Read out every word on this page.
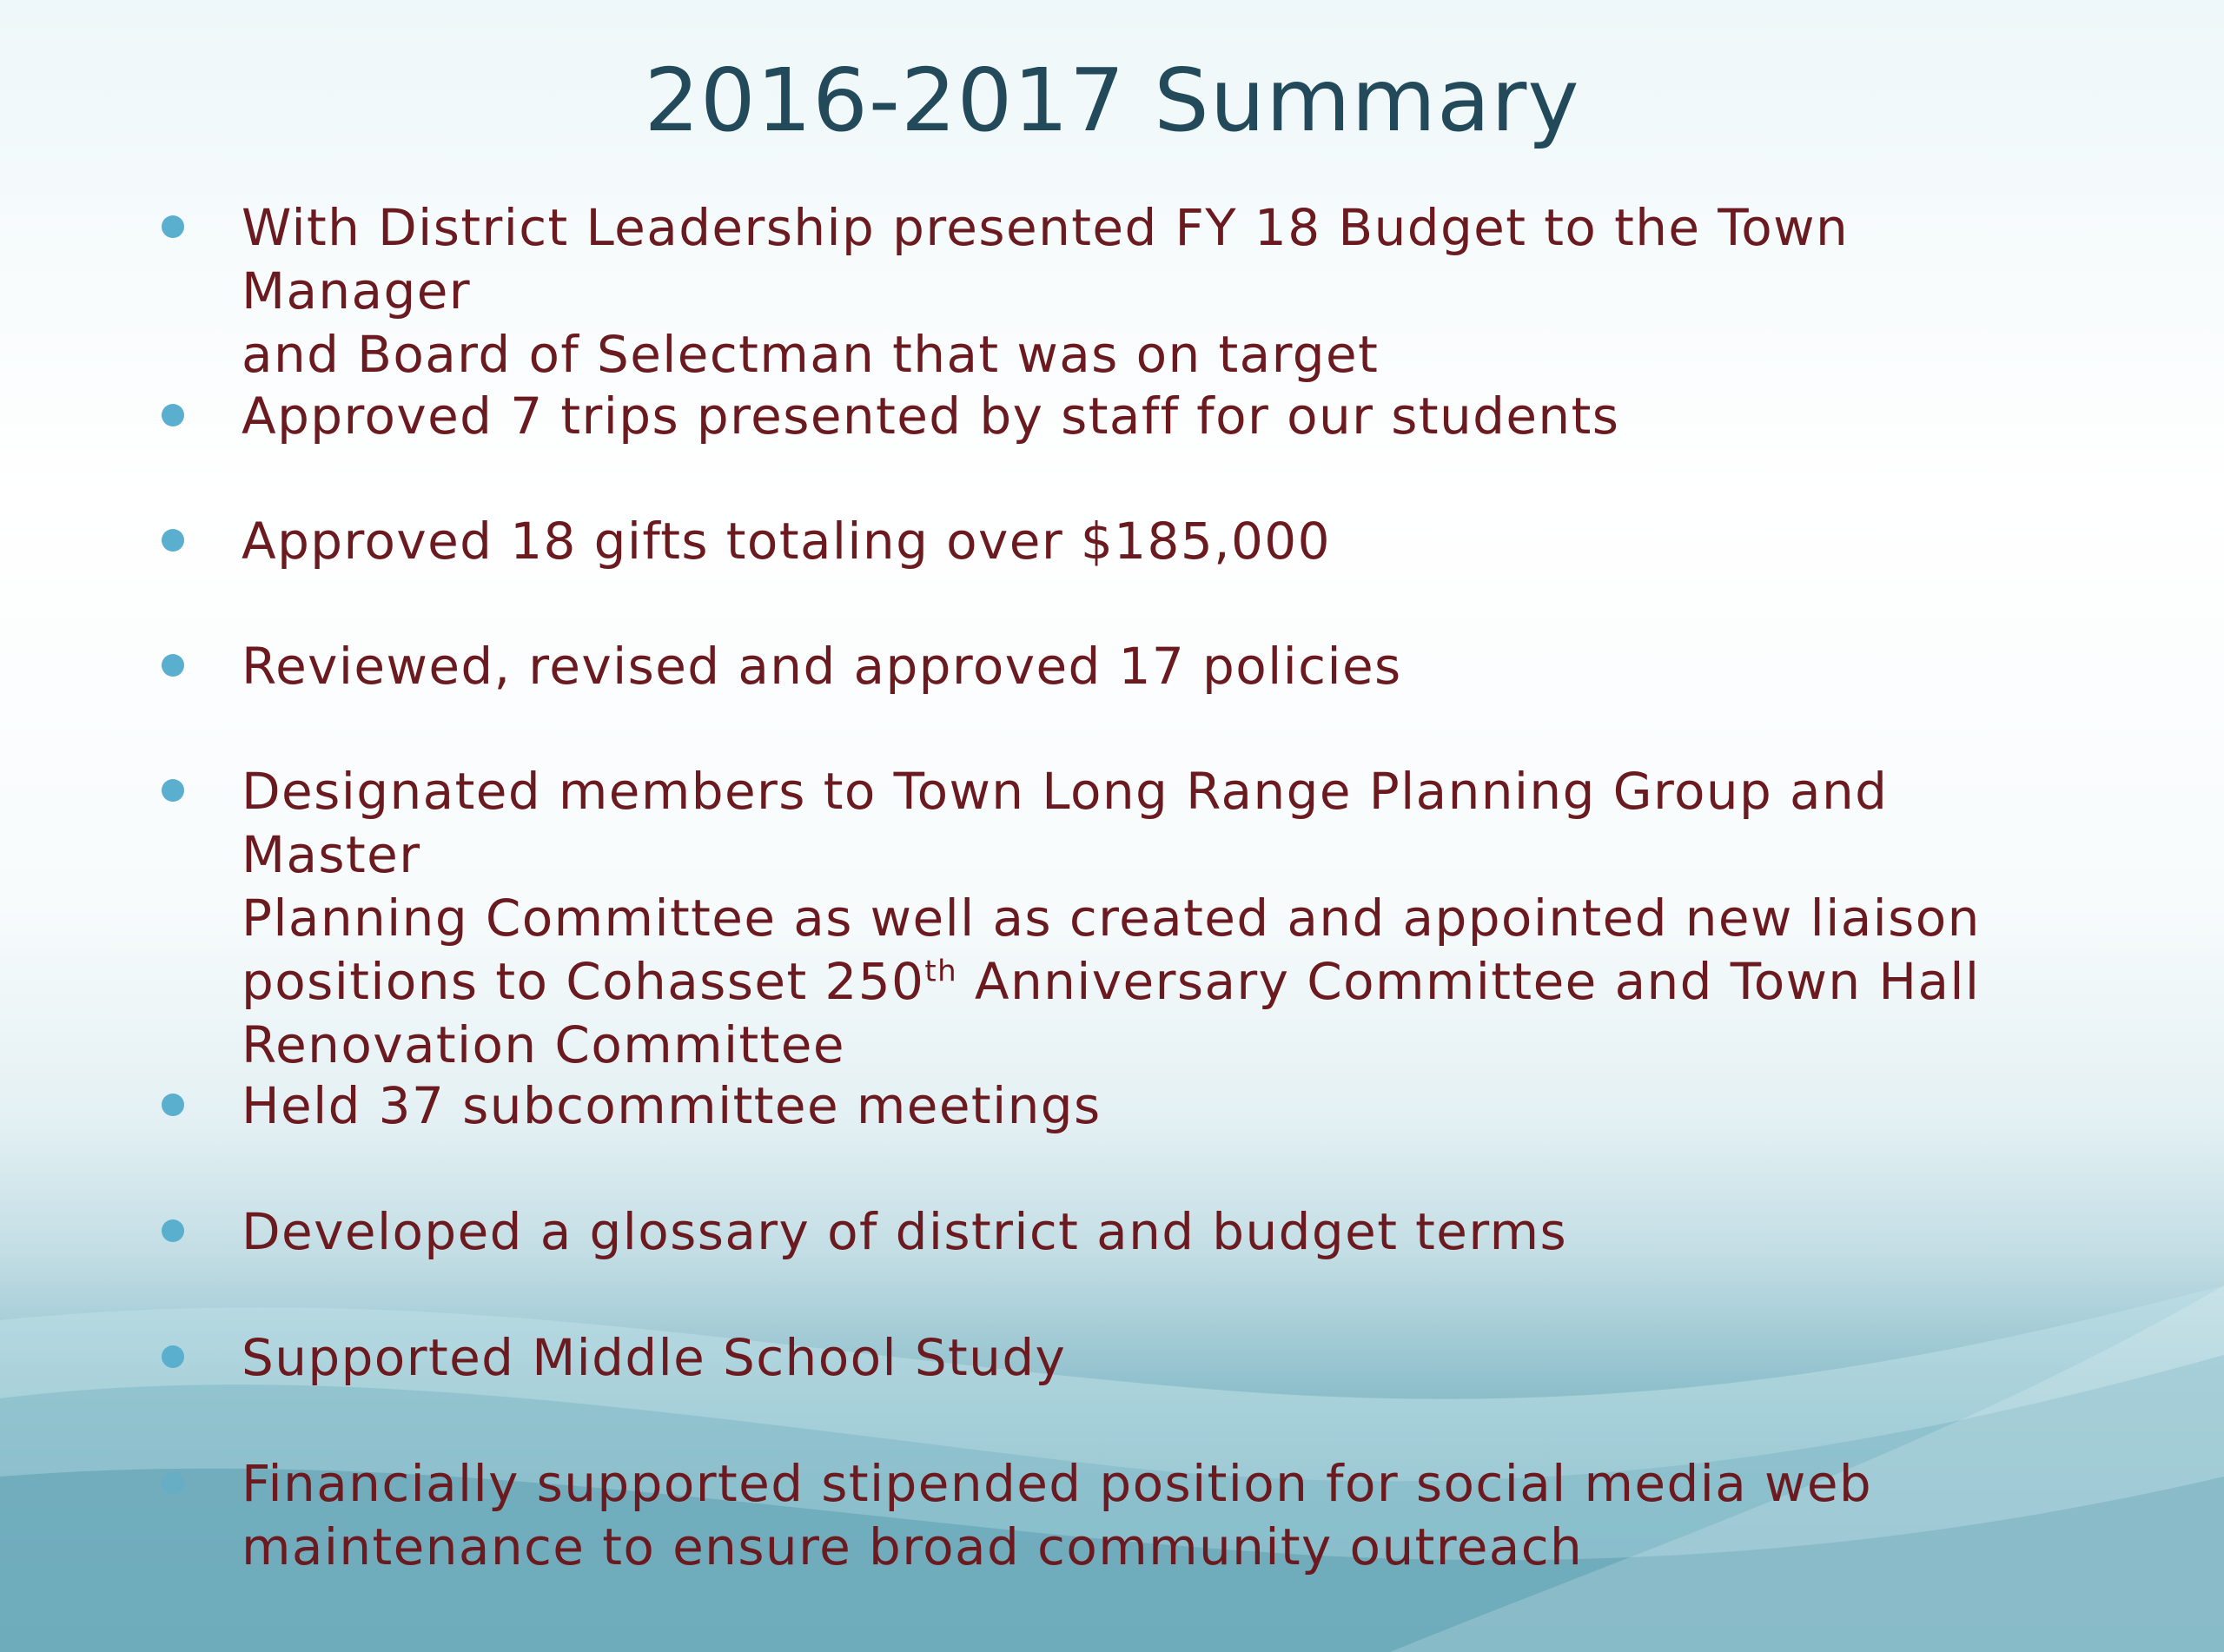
2016-2017 Summary
With District Leadership presented FY 18 Budget to the Town Manager
and Board of Selectman that was on target
Approved 7 trips presented by staff for our students
Approved 18 gifts totaling over $185,000
Reviewed, revised and approved 17 policies
Designated members to Town Long Range Planning Group and Master
Planning Committee as well as created and appointed new liaison
positions to Cohasset 250th Anniversary Committee and Town Hall
Renovation Committee
Held 37 subcommittee meetings
Developed a glossary of district and budget terms
Supported Middle School Study
Financially supported stipended position for social media web
maintenance to ensure broad community outreach
